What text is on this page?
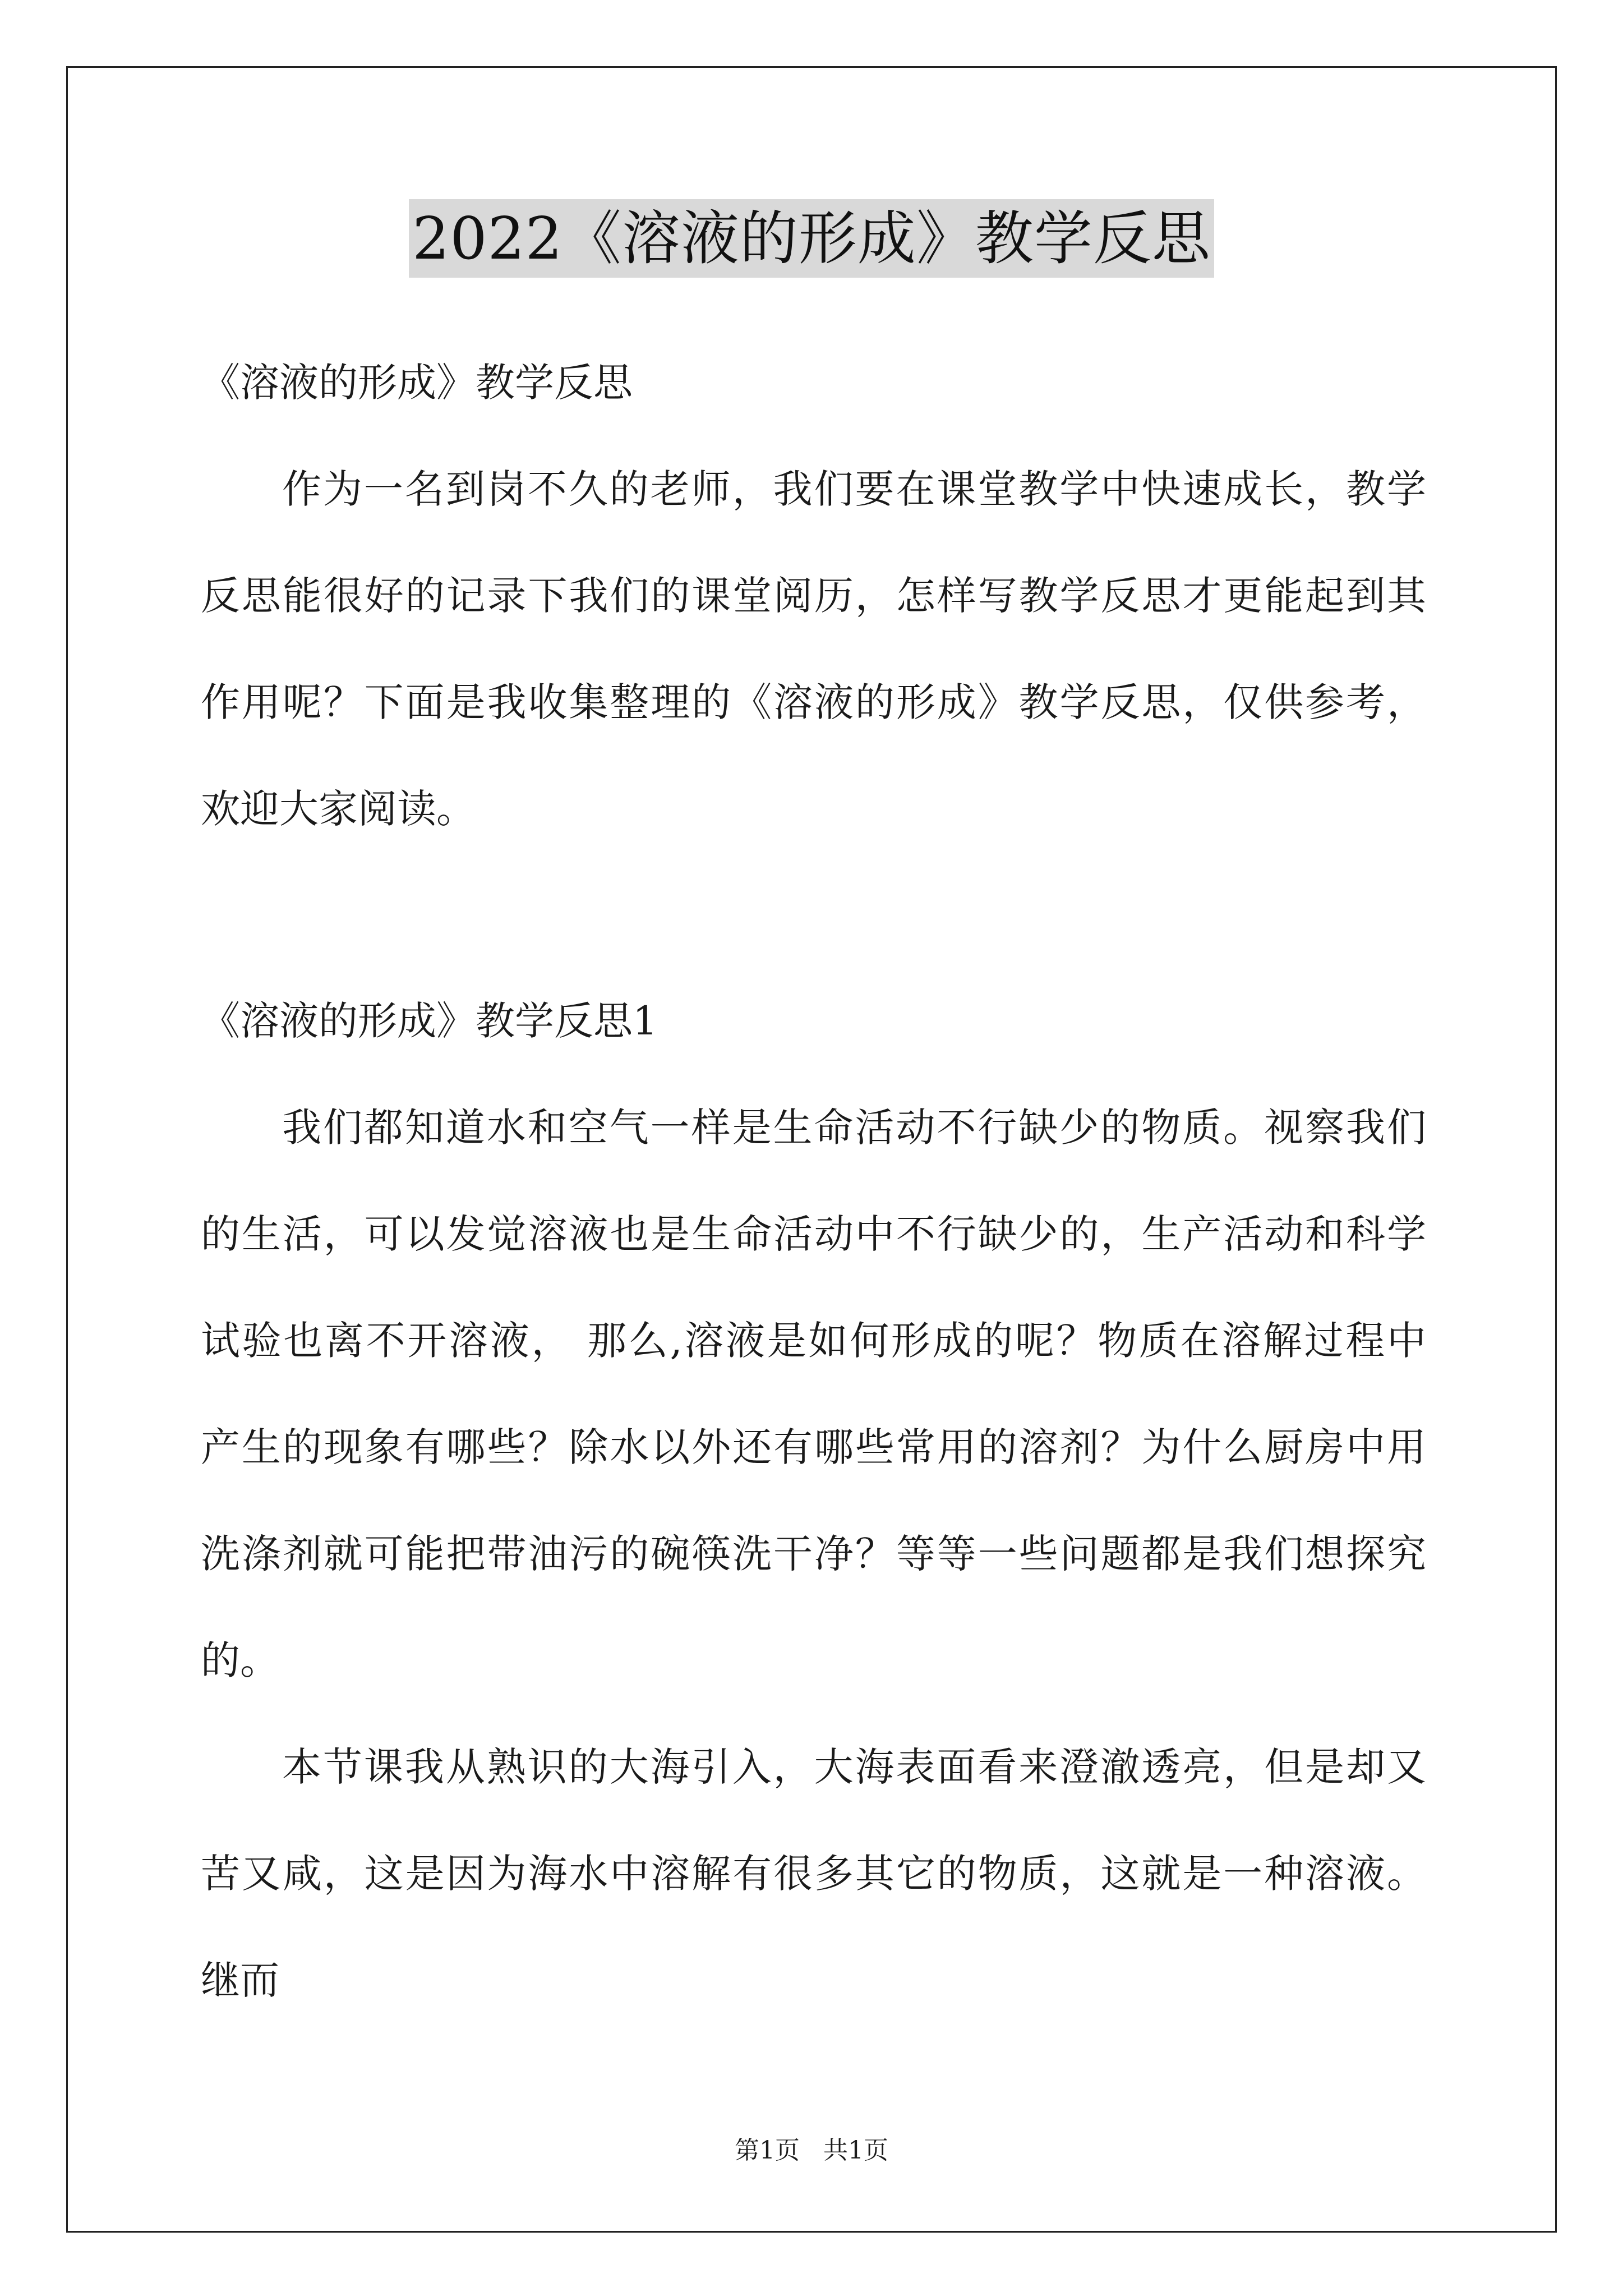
2022《溶液的形成》教学反思
《溶液的形成》教学反思
作为一名到岗不久的老师，我们要在课堂教学中快速成长，教学
反思能很好的记录下我们的课堂阅历，怎样写教学反思才更能起到其
作用呢？下面是我收集整理的《溶液的形成》教学反思，仅供参考，
欢迎大家阅读。
《溶液的形成》教学反思1
我们都知道水和空气一样是生命活动不行缺少的物质。视察我们
的生活，可以发觉溶液也是生命活动中不行缺少的，生产活动和科学
试验也离不开溶液， 那么,溶液是如何形成的呢？物质在溶解过程中
产生的现象有哪些？除水以外还有哪些常用的溶剂？为什么厨房中用
洗涤剂就可能把带油污的碗筷洗干净？等等一些问题都是我们想探究
的。
本节课我从熟识的大海引入，大海表面看来澄澈透亮，但是却又
苦又咸，这是因为海水中溶解有很多其它的物质，这就是一种溶液。
继而
第1页   共1页
